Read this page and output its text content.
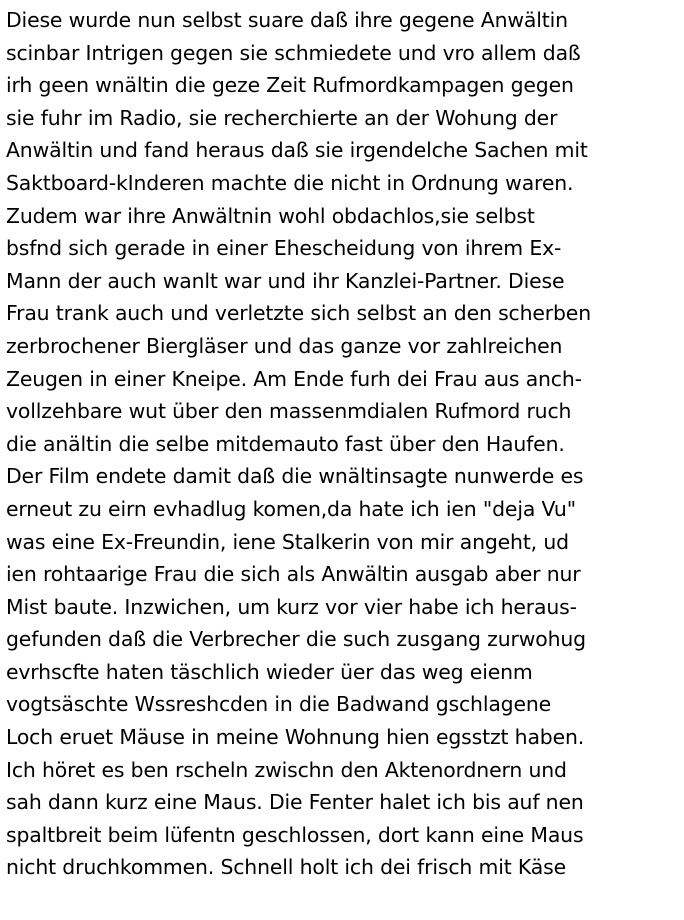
Diese wurde nun selbst suare daß ihre gegene Anwältin
scinbar Intrigen gegen sie schmiedete und vro allem daß
irh geen wnältin die geze Zeit Rufmordkampagen gegen
sie fuhr im Radio, sie recherchierte an der Wohung der
Anwältin und fand heraus daß sie irgendelche Sachen mit
Saktboard-kInderen machte die nicht in Ordnung waren.
Zudem war ihre Anwältnin wohl obdachlos,sie selbst
bsfnd sich gerade in einer Ehescheidung von ihrem Ex-
Mann der auch wanlt war und ihr Kanzlei-Partner. Diese
Frau trank auch und verletzte sich selbst an den scherben
zerbrochener Biergläser und das ganze vor zahlreichen
Zeugen in einer Kneipe. Am Ende furh dei Frau aus anch-
vollzehbare wut über den massenmdialen Rufmord ruch
die anältin die selbe mitdemauto fast über den Haufen.
Der Film endete damit daß die wnältinsagte nunwerde es
erneut zu eirn evhadlug komen,da hate ich ien "deja Vu"
was eine Ex-Freundin, iene Stalkerin von mir angeht, ud
ien rohtaarige Frau die sich als Anwältin ausgab aber nur
Mist baute. Inzwichen, um kurz vor vier habe ich heraus-
gefunden daß die Verbrecher die such zusgang zurwohug
evrhscfte haten täschlich wieder üer das weg eienm
vogtsäschte Wssreshcden in die Badwand gschlagene
Loch eruet Mäuse in meine Wohnung hien egsstzt haben.
Ich höret es ben rscheln zwischn den Aktenordnern und
sah dann kurz eine Maus. Die Fenter halet ich bis auf nen
spaltbreit beim lüfentn geschlossen, dort kann eine Maus
nicht druchkommen. Schnell holt ich dei frisch mit Käse
